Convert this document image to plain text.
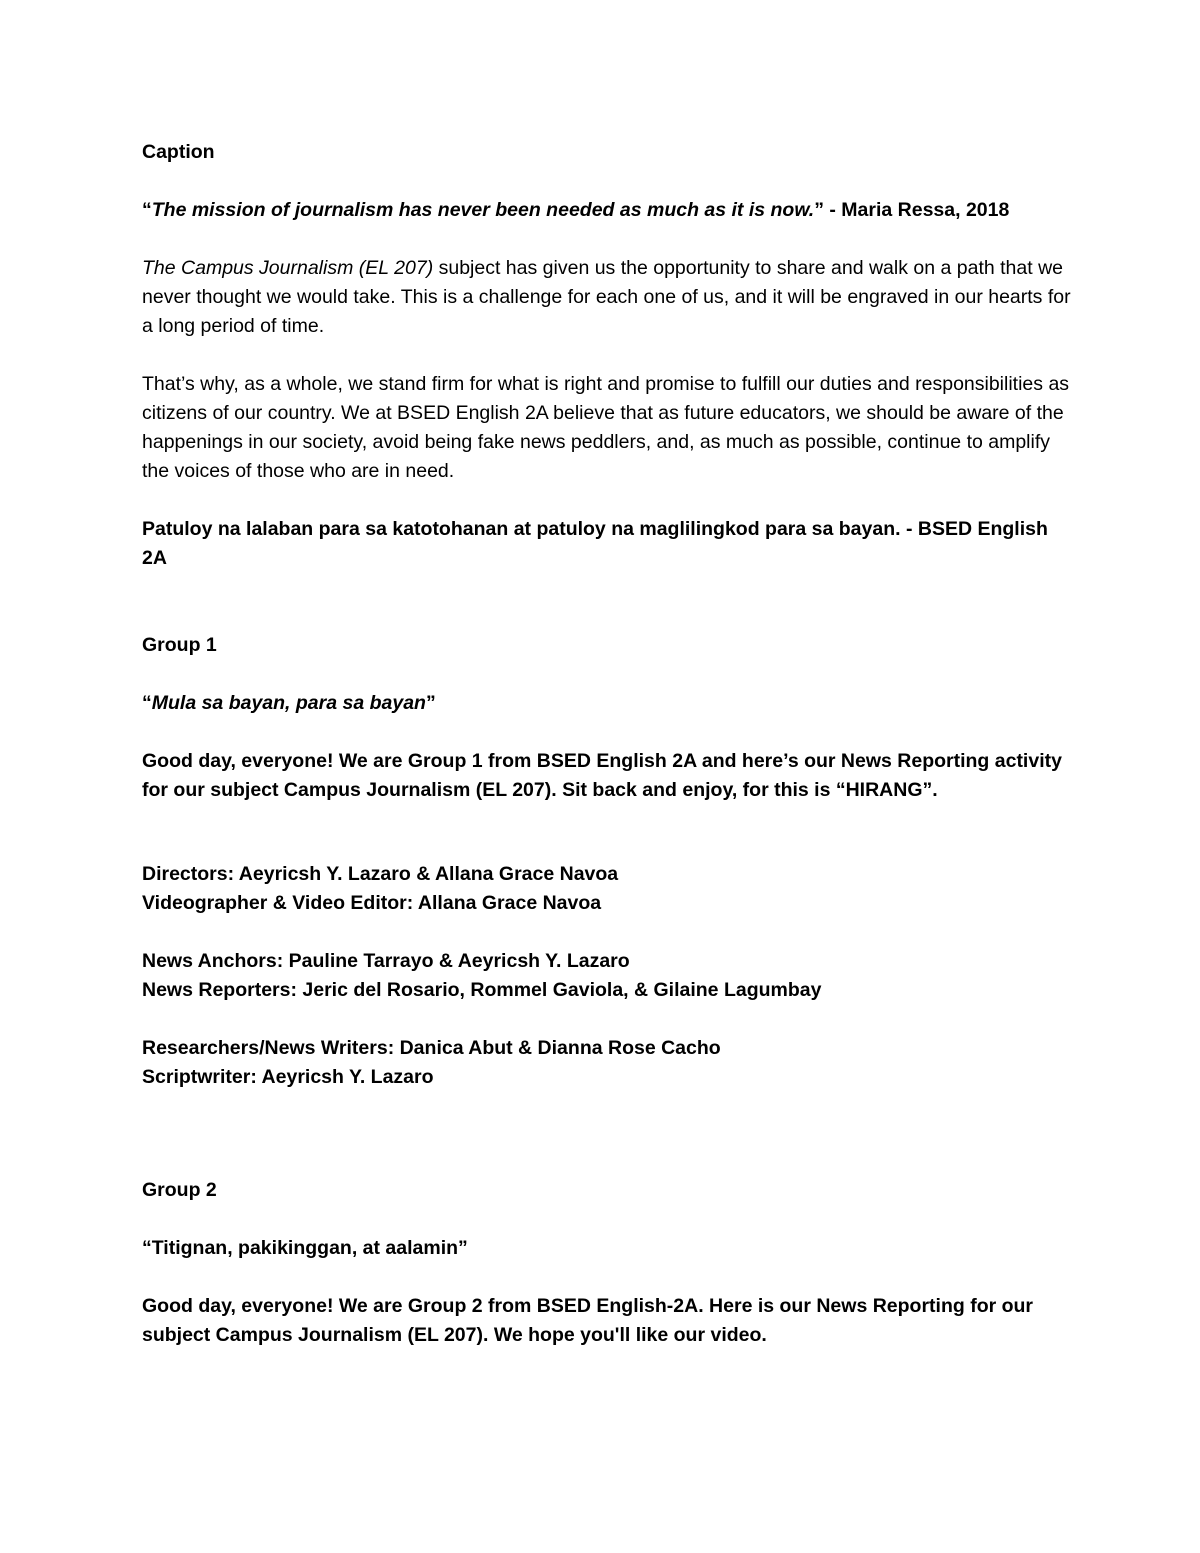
Caption

“The mission of journalism has never been needed as much as it is now.” - Maria Ressa, 2018

The Campus Journalism (EL 207) subject has given us the opportunity to share and walk on a path that we never thought we would take. This is a challenge for each one of us, and it will be engraved in our hearts for a long period of time.

That’s why, as a whole, we stand firm for what is right and promise to fulfill our duties and responsibilities as citizens of our country. We at BSED English 2A believe that as future educators, we should be aware of the happenings in our society, avoid being fake news peddlers, and, as much as possible, continue to amplify the voices of those who are in need.

Patuloy na lalaban para sa katotohanan at patuloy na maglilingkod para sa bayan. - BSED English 2A

Group 1

“Mula sa bayan, para sa bayan”

Good day, everyone! We are Group 1 from BSED English 2A and here’s our News Reporting activity for our subject Campus Journalism (EL 207). Sit back and enjoy, for this is “HIRANG”.

Directors: Aeyricsh Y. Lazaro & Allana Grace Navoa

Videographer & Video Editor: Allana Grace Navoa

News Anchors: Pauline Tarrayo & Aeyricsh Y. Lazaro

News Reporters: Jeric del Rosario, Rommel Gaviola, & Gilaine Lagumbay

Researchers/News Writers: Danica Abut & Dianna Rose Cacho

Scriptwriter: Aeyricsh Y. Lazaro

Group 2

“Titignan, pakikinggan, at aalamin”

Good day, everyone! We are Group 2 from BSED English-2A. Here is our News Reporting for our subject Campus Journalism (EL 207). We hope you'll like our video.
